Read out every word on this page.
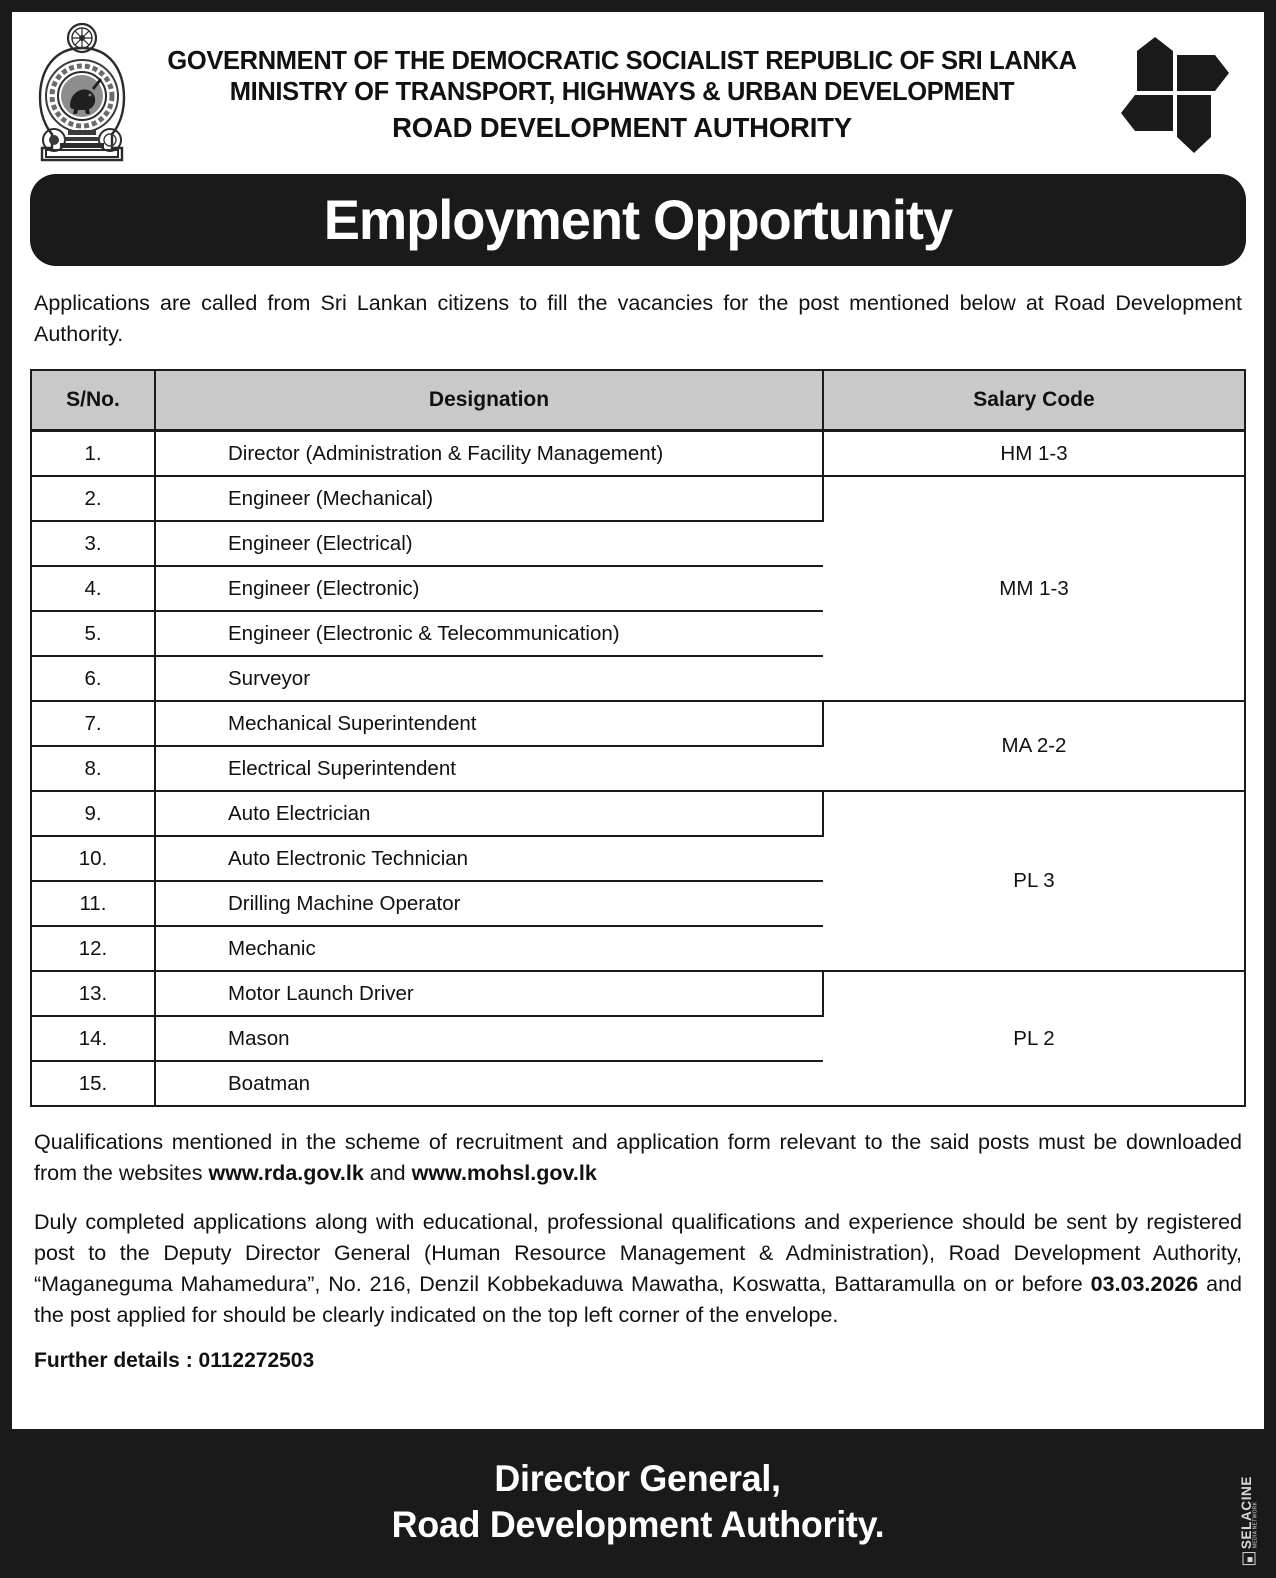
GOVERNMENT OF THE DEMOCRATIC SOCIALIST REPUBLIC OF SRI LANKA
MINISTRY OF TRANSPORT, HIGHWAYS & URBAN DEVELOPMENT
ROAD DEVELOPMENT AUTHORITY
Employment Opportunity

Applications are called from Sri Lankan citizens to fill the vacancies for the post mentioned below at Road Development Authority.

S/No.	Designation	Salary Code
1.	Director (Administration & Facility Management)	HM 1-3
2.	Engineer (Mechanical)	MM 1-3
3.	Engineer (Electrical)	
4.	Engineer (Electronic)	
5.	Engineer (Electronic & Telecommunication)	
6.	Surveyor	
7.	Mechanical Superintendent	MA 2-2
8.	Electrical Superintendent	
9.	Auto Electrician	PL 3
10.	Auto Electronic Technician	
11.	Drilling Machine Operator	
12.	Mechanic	
13.	Motor Launch Driver	PL 2
14.	Mason	
15.	Boatman	

Qualifications mentioned in the scheme of recruitment and application form relevant to the said posts must be downloaded from the websites www.rda.gov.lk and www.mohsl.gov.lk

Duly completed applications along with educational, professional qualifications and experience should be sent by registered post to the Deputy Director General (Human Resource Management & Administration), Road Development Authority, “Maganeguma Mahamedura”, No. 216, Denzil Kobbekaduwa Mawatha, Koswatta, Battaramulla on or before 03.03.2026 and the post applied for should be clearly indicated on the top left corner of the envelope.

Further details : 0112272503

Director General,
Road Development Authority.	SELACINE
MEDIA NETWORK
